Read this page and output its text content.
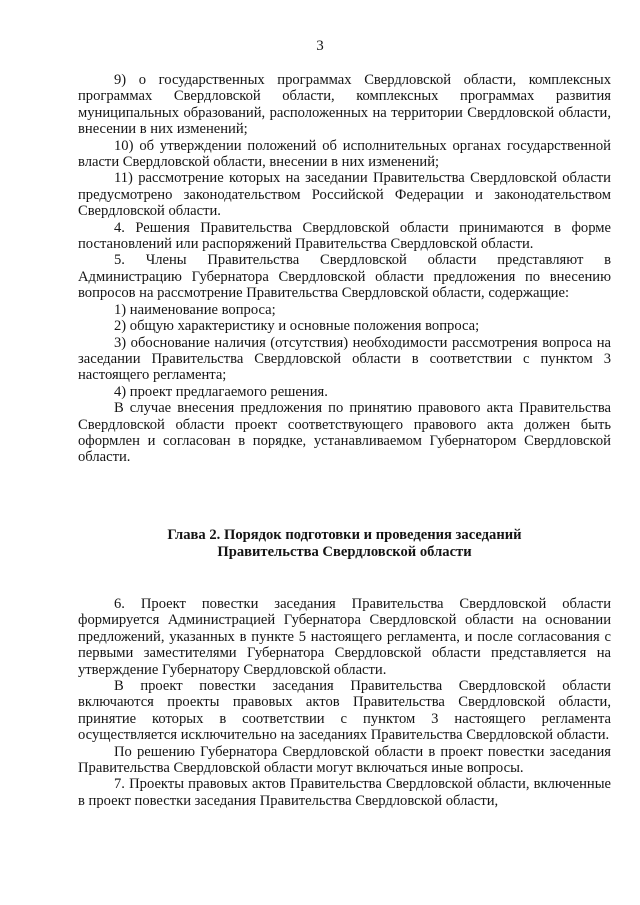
3

9) о государственных программах Свердловской области, комплексных программах Свердловской области, комплексных программах развития муниципальных образований, расположенных на территории Свердловской области, внесении в них изменений;

10) об утверждении положений об исполнительных органах государственной власти Свердловской области, внесении в них изменений;

11) рассмотрение которых на заседании Правительства Свердловской области предусмотрено законодательством Российской Федерации и законодательством Свердловской области.

4. Решения Правительства Свердловской области принимаются в форме постановлений или распоряжений Правительства Свердловской области.

5. Члены Правительства Свердловской области представляют в Администрацию Губернатора Свердловской области предложения по внесению вопросов на рассмотрение Правительства Свердловской области, содержащие:

1) наименование вопроса;

2) общую характеристику и основные положения вопроса;

3) обоснование наличия (отсутствия) необходимости рассмотрения вопроса на заседании Правительства Свердловской области в соответствии с пунктом 3 настоящего регламента;

4) проект предлагаемого решения.

В случае внесения предложения по принятию правового акта Правительства Свердловской области проект соответствующего правового акта должен быть оформлен и согласован в порядке, устанавливаемом Губернатором Свердловской области.

Глава 2. Порядок подготовки и проведения заседаний
Правительства Свердловской области

6. Проект повестки заседания Правительства Свердловской области формируется Администрацией Губернатора Свердловской области на основании предложений, указанных в пункте 5 настоящего регламента, и после согласования с первыми заместителями Губернатора Свердловской области представляется на утверждение Губернатору Свердловской области.

В проект повестки заседания Правительства Свердловской области включаются проекты правовых актов Правительства Свердловской области, принятие которых в соответствии с пунктом 3 настоящего регламента осуществляется исключительно на заседаниях Правительства Свердловской области.

По решению Губернатора Свердловской области в проект повестки заседания Правительства Свердловской области могут включаться иные вопросы.

7. Проекты правовых актов Правительства Свердловской области, включенные в проект повестки заседания Правительства Свердловской области,
